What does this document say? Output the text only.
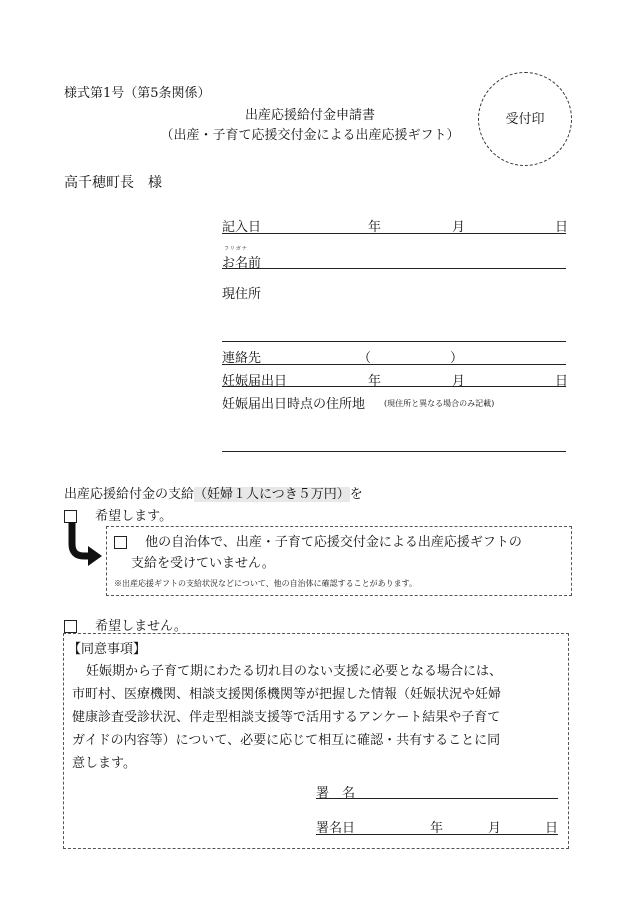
様式第1号（第5条関係）
出産応援給付金申請書
（出産・子育て応援交付金による出産応援ギフト）
受付印
高千穂町長　様
記入日	年	月	日
フリガナ
お名前
現住所
連絡先	（	）
妊娠届出日	年	月	日
妊娠届出日時点の住所地 (現住所と異なる場合のみ記載)
出産応援給付金の支給（妊婦１人につき５万円）を
希望します。
他の自治体で、出産・子育て応援交付金による出産応援ギフトの
支給を受けていません。
※出産応援ギフトの支給状況などについて、他の自治体に確認することがあります。
希望しません。
【同意事項】
妊娠期から子育て期にわたる切れ目のない支援に必要となる場合には、
市町村、医療機関、相談支援関係機関等が把握した情報（妊娠状況や妊婦
健康診査受診状況、伴走型相談支援等で活用するアンケート結果や子育て
ガイドの内容等）について、必要に応じて相互に確認・共有することに同
意します。
署　名
署名日	年	月	日
